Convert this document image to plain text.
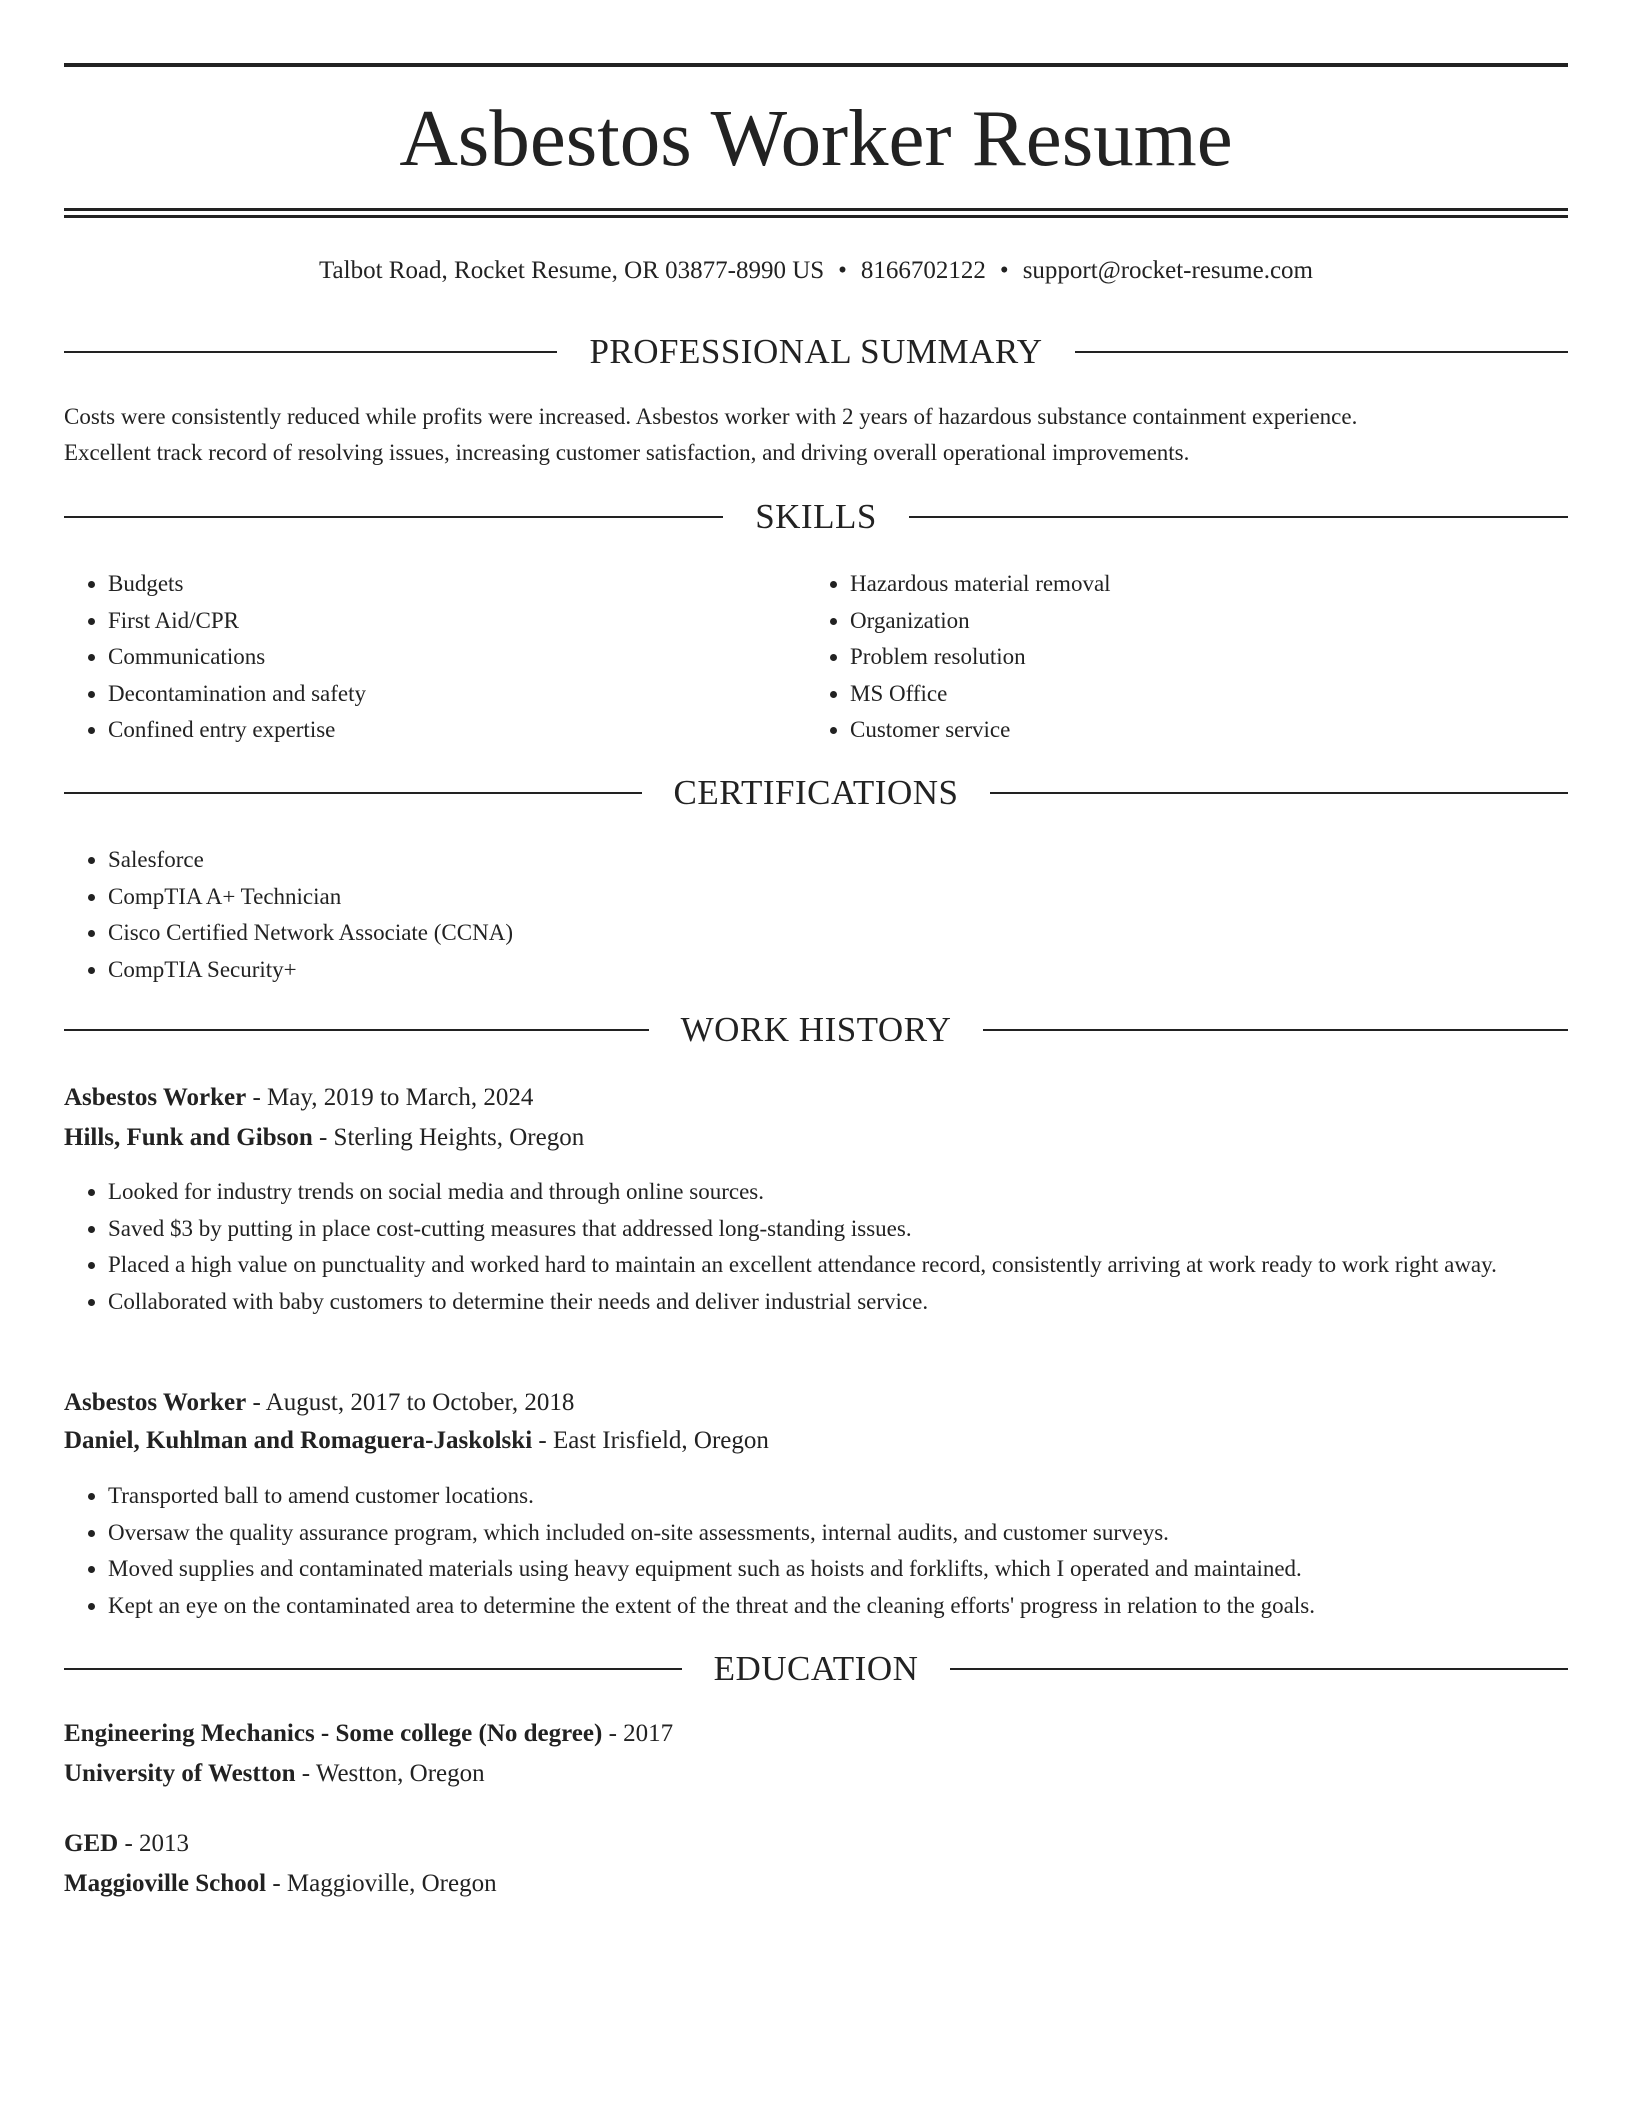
Asbestos Worker Resume
Talbot Road, Rocket Resume, OR 03877-8990 US • 8166702122 • support@rocket-resume.com
PROFESSIONAL SUMMARY

Costs were consistently reduced while profits were increased. Asbestos worker with 2 years of hazardous substance containment experience.

Excellent track record of resolving issues, increasing customer satisfaction, and driving overall operational improvements.

SKILLS
• Budgets
• First Aid/CPR
• Communications
• Decontamination and safety
• Confined entry expertise
• Hazardous material removal
• Organization
• Problem resolution
• MS Office
• Customer service
CERTIFICATIONS
• Salesforce
• CompTIA A+ Technician
• Cisco Certified Network Associate (CCNA)
• CompTIA Security+
WORK HISTORY
Asbestos Worker - May, 2019 to March, 2024
Hills, Funk and Gibson - Sterling Heights, Oregon
• Looked for industry trends on social media and through online sources.
• Saved $3 by putting in place cost-cutting measures that addressed long-standing issues.
• Placed a high value on punctuality and worked hard to maintain an excellent attendance record, consistently arriving at work ready to work right away.
• Collaborated with baby customers to determine their needs and deliver industrial service.
Asbestos Worker - August, 2017 to October, 2018
Daniel, Kuhlman and Romaguera-Jaskolski - East Irisfield, Oregon
• Transported ball to amend customer locations.
• Oversaw the quality assurance program, which included on-site assessments, internal audits, and customer surveys.
• Moved supplies and contaminated materials using heavy equipment such as hoists and forklifts, which I operated and maintained.
• Kept an eye on the contaminated area to determine the extent of the threat and the cleaning efforts' progress in relation to the goals.
EDUCATION
Engineering Mechanics - Some college (No degree) - 2017
University of Westton - Westton, Oregon
GED - 2013
Maggioville School - Maggioville, Oregon
